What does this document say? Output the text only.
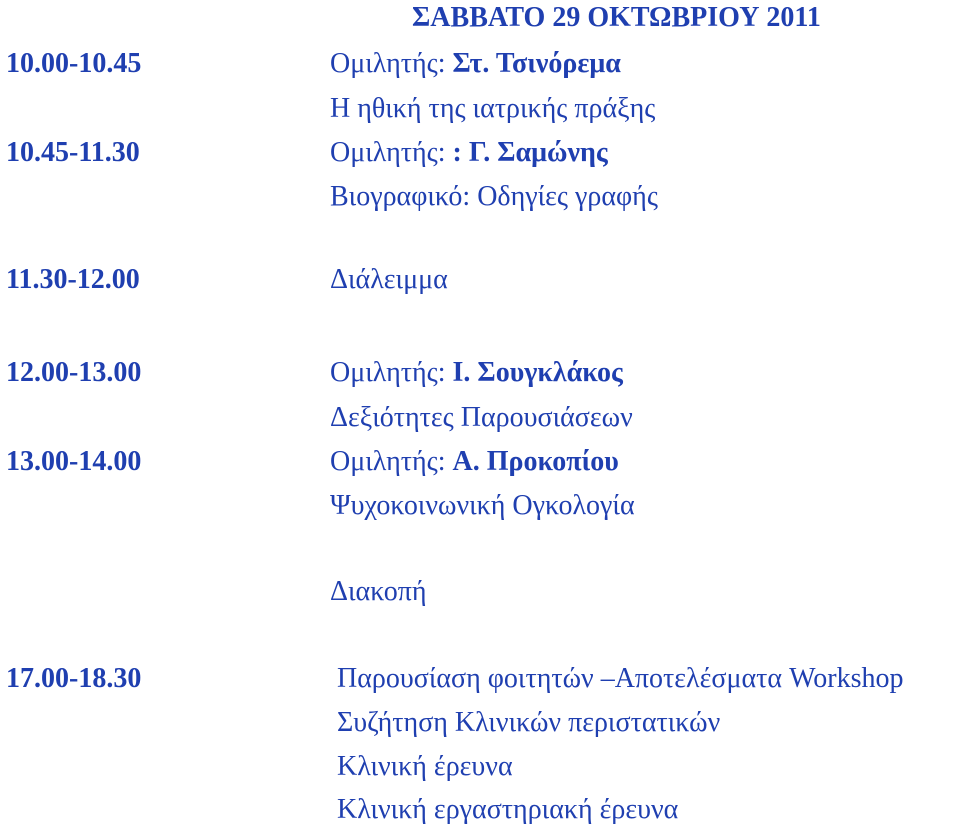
ΣΑΒΒΑΤΟ 29 ΟΚΤΩΒΡΙΟΥ 2011
10.00-10.45	Ομιλητής: Στ. Τσινόρεμα
Η ηθική της ιατρικής πράξης
10.45-11.30	Ομιλητής: : Γ. Σαμώνης
Βιογραφικό: Οδηγίες γραφής
11.30-12.00	Διάλειμμα
12.00-13.00	Ομιλητής: Ι. Σουγκλάκος
Δεξιότητες Παρουσιάσεων
13.00-14.00	Ομιλητής: Α. Προκοπίου
Ψυχοκοινωνική Ογκολογία
Διακοπή
17.00-18.30	Παρουσίαση φοιτητών –Αποτελέσματα Workshop
Συζήτηση Κλινικών περιστατικών
Κλινική έρευνα
Κλινική εργαστηριακή έρευνα
